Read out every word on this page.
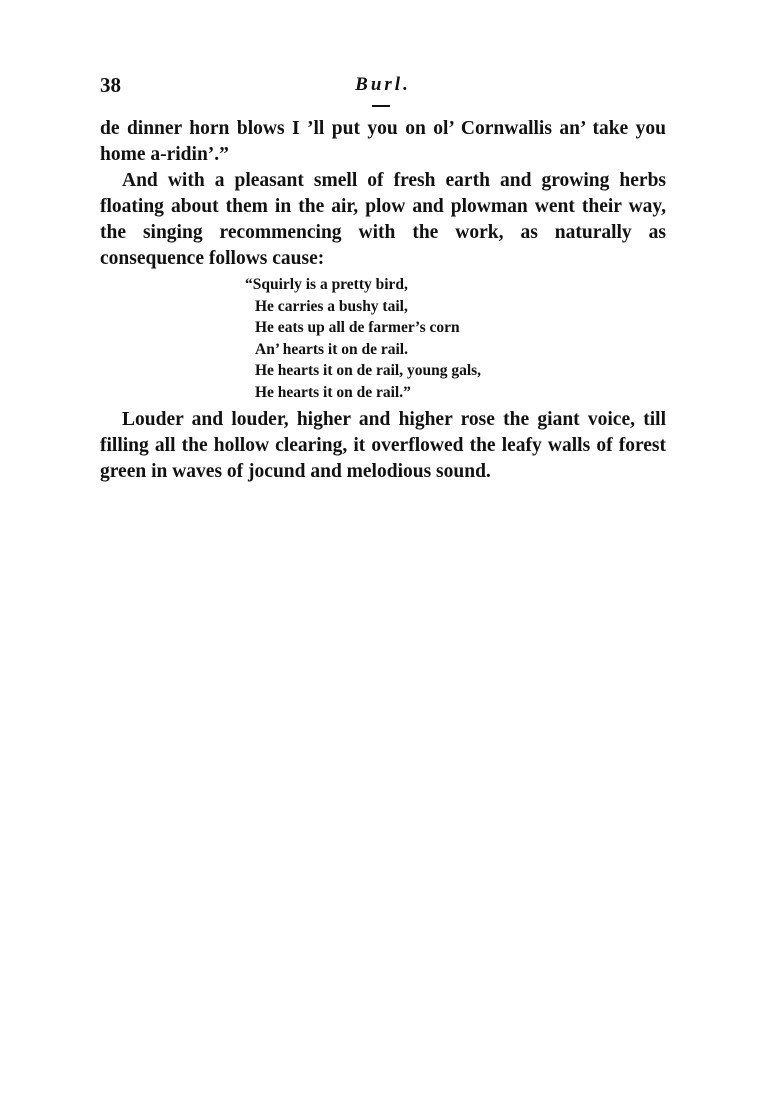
38	Burl.

de dinner horn blows I ’ll put you on ol’ Cornwallis an’ take you home a-ridin’.”

And with a pleasant smell of fresh earth and growing herbs floating about them in the air, plow and plowman went their way, the singing recommencing with the work, as naturally as consequence follows cause:

“Squirly is a pretty bird,
He carries a bushy tail,
He eats up all de farmer’s corn
An’ hearts it on de rail.
He hearts it on de rail, young gals,
He hearts it on de rail.”

Louder and louder, higher and higher rose the giant voice, till filling all the hollow clearing, it overflowed the leafy walls of forest green in waves of jocund and melodious sound.
